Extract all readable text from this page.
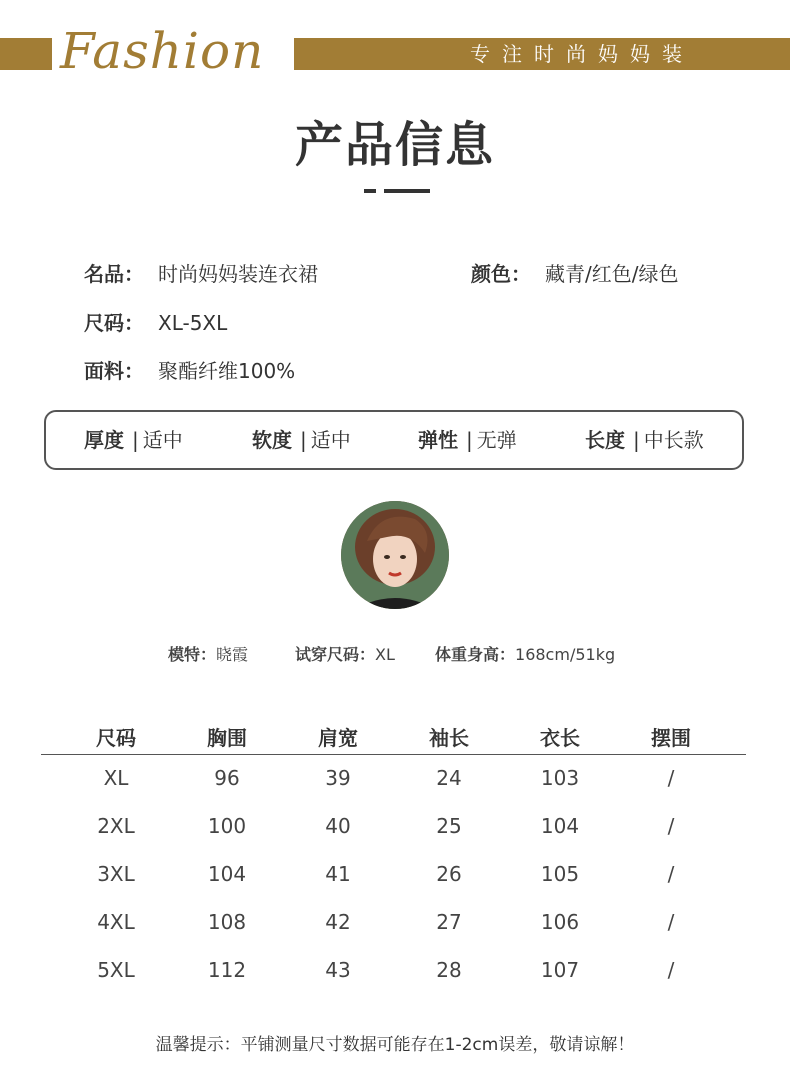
Fashion	专注时尚妈妈装
产品信息
名品： 时尚妈妈装连衣裙	颜色： 藏青/红色/绿色
尺码： XL-5XL
面料： 聚酯纤维100%
厚度 | 适中	软度 | 适中	弹性 | 无弹	长度 | 中长款
模特：晓霞	试穿尺码：XL	体重身高：168cm/51kg
尺码	胸围	肩宽	袖长	衣长	摆围
XL	96	39	24	103	/
2XL	100	40	25	104	/
3XL	104	41	26	105	/
4XL	108	42	27	106	/
5XL	112	43	28	107	/
温馨提示：平铺测量尺寸数据可能存在1-2cm误差，敬请谅解！
